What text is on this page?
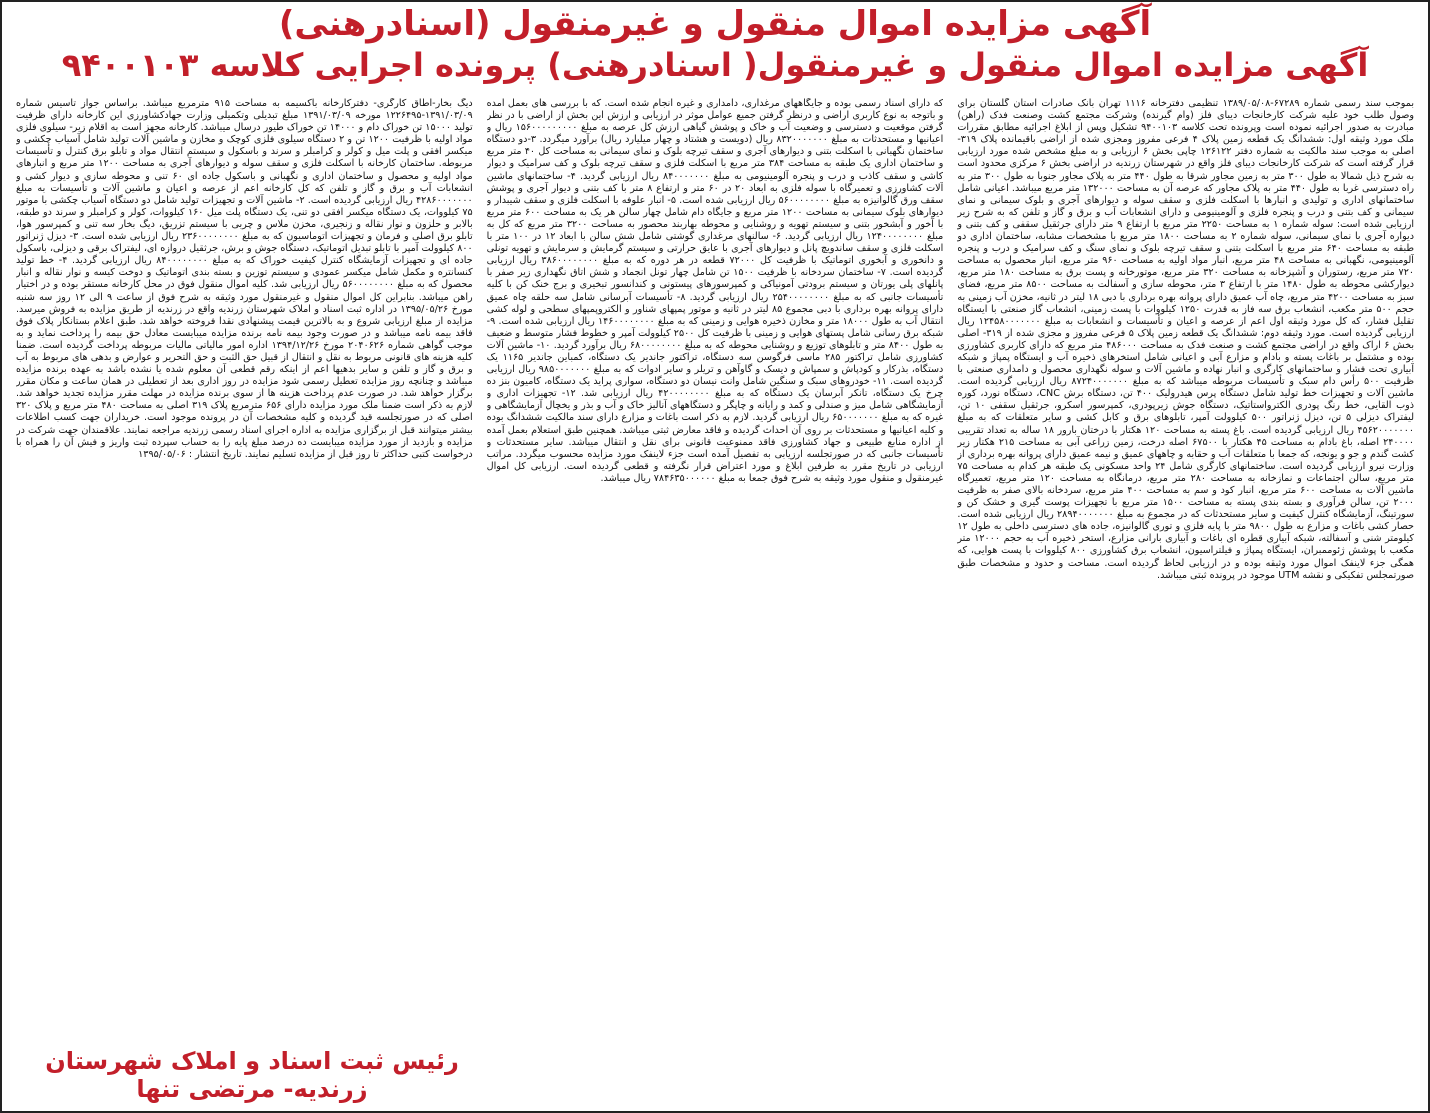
آگهی مزایده اموال منقول و غیرمنقول (اسنادرهنی)
آگهی مزایده اموال منقول و غیرمنقول( اسنادرهنی) پرونده اجرایی کلاسه ۹۴۰۰۱۰۳

بموجب سند رسمی شماره ۶۷۲۸۹-۱۳۸۹/۰۵/۰۸ تنظیمی دفترخانه ۱۱۱۶ تهران بانک صادرات استان گلستان برای وصول طلب خود علیه شرکت کارخانجات دیبای فلز (وام گیرنده) وشرکت مجتمع کشت وصنعت فدک (راهن) مبادرت به صدور اجرائیه نموده است وپرونده تحت کلاسه ۹۴۰۰۱۰۳ تشکیل وپس از ابلاغ اجرائیه مطابق مقررات ملک مورد وثیقه اول: ششدانگ یک قطعه زمین پلاک ۴ فرعی مفروز ومجزی شده از اراضی باقیمانده پلاک ۳۱۹-اصلی به موجب سند مالکیت به شماره دفتر ۱۲۶۱۲۲ چاپی بخش ۶ ارزیابی و به مبلغ مشخص شده مورد ارزیابی قرار گرفته است که شرکت کارخانجات دیبای فلز واقع در شهرستان زرندیه در اراضی بخش ۶ مرکزی محدود است به شرح ذیل شمالا به طول ۳۰۰ متر به زمین مجاور شرقا به طول ۴۴۰ متر به پلاک مجاور جنوبا به طول ۳۰۰ متر به راه دسترسی غربا به طول ۴۴۰ متر به پلاک مجاور که عرصه آن به مساحت ۱۳۲۰۰۰ متر مربع میباشد. اعیانی شامل ساختمانهای اداری و تولیدی و انبارها با اسکلت فلزی و سقف سوله و دیوارهای آجری و بلوک سیمانی و نمای سیمانی و کف بتنی و درب و پنجره فلزی و آلومینیومی و دارای انشعابات آب و برق و گاز و تلفن که به شرح زیر ارزیابی شده است: سوله شماره ۱ به مساحت ۲۲۵۰ متر مربع با ارتفاع ۹ متر دارای جرثقیل سقفی و کف بتنی و دیواره آجری با نمای سیمانی، سوله شماره ۲ به مساحت ۱۸۰۰ متر مربع با مشخصات مشابه، ساختمان اداری دو طبقه به مساحت ۶۴۰ متر مربع با اسکلت بتنی و سقف تیرچه بلوک و نمای سنگ و کف سرامیک و درب و پنجره آلومینیومی، نگهبانی به مساحت ۴۸ متر مربع، انبار مواد اولیه به مساحت ۹۶۰ متر مربع، انبار محصول به مساحت ۷۲۰ متر مربع، رستوران و آشپزخانه به مساحت ۳۲۰ متر مربع، موتورخانه و پست برق به مساحت ۱۸۰ متر مربع، دیوارکشی محوطه به طول ۱۴۸۰ متر با ارتفاع ۳ متر، محوطه سازی و آسفالت به مساحت ۸۵۰۰ متر مربع، فضای سبز به مساحت ۴۲۰۰ متر مربع، چاه آب عمیق دارای پروانه بهره برداری با دبی ۱۸ لیتر در ثانیه، مخزن آب زمینی به حجم ۵۰۰ متر مکعب، انشعاب برق سه فاز به قدرت ۱۲۵۰ کیلووات با پست زمینی، انشعاب گاز صنعتی با ایستگاه تقلیل فشار، که کل مورد وثیقه اول اعم از عرصه و اعیان و تأسیسات و انشعابات به مبلغ ۱۲۴۵۸۰۰۰۰۰۰۰ ریال ارزیابی گردیده است. مورد وثیقه دوم: ششدانگ یک قطعه زمین پلاک ۵ فرعی مفروز و مجزی شده از ۳۱۹- اصلی بخش ۶ اراک واقع در اراضی مجتمع کشت و صنعت فدک به مساحت ۴۸۶۰۰۰ متر مربع که دارای کاربری کشاورزی بوده و مشتمل بر باغات پسته و بادام و مزارع آبی و اعیانی شامل استخرهای ذخیره آب و ایستگاه پمپاژ و شبکه آبیاری تحت فشار و ساختمانهای کارگری و انبار نهاده و ماشین آلات و سوله نگهداری محصول و دامداری صنعتی با ظرفیت ۵۰۰ رأس دام سبک و تأسیسات مربوطه میباشد که به مبلغ ۸۷۲۴۰۰۰۰۰۰۰ ریال ارزیابی گردیده است. ماشین آلات و تجهیزات خط تولید شامل دستگاه پرس هیدرولیک ۴۰۰ تن، دستگاه برش CNC، دستگاه نورد، کوره ذوب القایی، خط رنگ پودری الکترواستاتیک، دستگاه جوش زیرپودری، کمپرسور اسکرو، جرثقیل سقفی ۱۰ تن، لیفتراک دیزلی ۵ تن، دیزل ژنراتور ۵۰۰ کیلوولت آمپر، تابلوهای برق و کابل کشی و سایر متعلقات که به مبلغ ۴۵۶۲۰۰۰۰۰۰۰ ریال ارزیابی گردیده است. باغ پسته به مساحت ۱۲۰ هکتار با درختان بارور ۱۸ ساله به تعداد تقریبی ۲۴۰۰۰۰ اصله، باغ بادام به مساحت ۴۵ هکتار با ۶۷۵۰۰ اصله درخت، زمین زراعی آبی به مساحت ۲۱۵ هکتار زیر کشت گندم و جو و یونجه، که جمعا با متعلقات آب و حقابه و چاههای عمیق و نیمه عمیق دارای پروانه بهره برداری از وزارت نیرو ارزیابی گردیده است. ساختمانهای کارگری شامل ۲۴ واحد مسکونی یک طبقه هر کدام به مساحت ۷۵ متر مربع، سالن اجتماعات و نمازخانه به مساحت ۲۸۰ متر مربع، درمانگاه به مساحت ۱۲۰ متر مربع، تعمیرگاه ماشین آلات به مساحت ۶۰۰ متر مربع، انبار کود و سم به مساحت ۴۰۰ متر مربع، سردخانه بالای صفر به ظرفیت ۲۰۰۰ تن، سالن فرآوری و بسته بندی پسته به مساحت ۱۵۰۰ متر مربع با تجهیزات پوست گیری و خشک کن و سورتینگ، آزمایشگاه کنترل کیفیت و سایر مستحدثات که در مجموع به مبلغ ۲۸۹۴۰۰۰۰۰۰۰ ریال ارزیابی شده است. حصار کشی باغات و مزارع به طول ۹۸۰۰ متر با پایه فلزی و توری گالوانیزه، جاده های دسترسی داخلی به طول ۱۲ کیلومتر شنی و آسفالته، شبکه آبیاری قطره ای باغات و آبیاری بارانی مزارع، استخر ذخیره آب به حجم ۱۲۰۰۰ متر مکعب با پوشش ژئوممبران، ایستگاه پمپاژ و فیلتراسیون، انشعاب برق کشاورزی ۸۰۰ کیلووات با پست هوایی، که همگی جزء لاینفک اموال مورد وثیقه بوده و در ارزیابی لحاظ گردیده است. مساحت و حدود و مشخصات طبق صورتمجلس تفکیکی و نقشه UTM موجود در پرونده ثبتی میباشد.

که دارای اسناد رسمی بوده و جایگاههای مرغداری، دامداری و غیره انجام شده است. که با بررسی های بعمل آمده و باتوجه به نوع کاربری اراضی و درنظر گرفتن جمیع عوامل موثر در ارزیابی و ارزش این بخش از اراضی با در نظر گرفتن موقعیت و دسترسی و وضعیت آب و خاک و پوشش گیاهی ارزش کل عرصه به مبلغ ۱۵۶۰۰۰۰۰۰۰۰۰ ریال و اعیانیها و مستحدثات به مبلغ ۸۳۲۰۰۰۰۰۰۰ ریال (دویست و هشتاد و چهار میلیارد ریال) برآورد میگردد. ۳-دو دستگاه ساختمان نگهبانی با اسکلت بتنی و دیوارهای آجری و سقف تیرچه بلوک و نمای سیمانی به مساحت کل ۴۰ متر مربع و ساختمان اداری یک طبقه به مساحت ۳۸۴ متر مربع با اسکلت فلزی و سقف تیرچه بلوک و کف سرامیک و دیوار کاشی و سقف کاذب و درب و پنجره آلومینیومی به مبلغ ۸۴۰۰۰۰۰۰۰ ریال ارزیابی گردید. ۴- ساختمانهای ماشین آلات کشاورزی و تعمیرگاه با سوله فلزی به ابعاد ۲۰ در ۶۰ متر و ارتفاع ۸ متر با کف بتنی و دیوار آجری و پوشش سقف ورق گالوانیزه به مبلغ ۵۶۰۰۰۰۰۰۰۰ ریال ارزیابی شده است. ۵- انبار علوفه با اسکلت فلزی و سقف شیبدار و دیوارهای بلوک سیمانی به مساحت ۱۲۰۰ متر مربع و جایگاه دام شامل چهار سالن هر یک به مساحت ۶۰۰ متر مربع با آخور و آبشخور بتنی و سیستم تهویه و روشنایی و محوطه بهاربند محصور به مساحت ۳۲۰۰ متر مربع که کل به مبلغ ۱۲۴۰۰۰۰۰۰۰۰ ریال ارزیابی گردید. ۶- سالنهای مرغداری گوشتی شامل شش سالن با ابعاد ۱۲ در ۱۰۰ متر با اسکلت فلزی و سقف ساندویچ پانل و دیوارهای آجری با عایق حرارتی و سیستم گرمایش و سرمایش و تهویه تونلی و دانخوری و آبخوری اتوماتیک با ظرفیت کل ۷۲۰۰۰ قطعه در هر دوره که به مبلغ ۳۸۶۰۰۰۰۰۰۰۰ ریال ارزیابی گردیده است. ۷- ساختمان سردخانه با ظرفیت ۱۵۰۰ تن شامل چهار تونل انجماد و شش اتاق نگهداری زیر صفر با پانلهای پلی یورتان و سیستم برودتی آمونیاکی و کمپرسورهای پیستونی و کندانسور تبخیری و برج خنک کن با کلیه تأسیسات جانبی که به مبلغ ۲۵۴۰۰۰۰۰۰۰۰ ریال ارزیابی گردید. ۸- تأسیسات آبرسانی شامل سه حلقه چاه عمیق دارای پروانه بهره برداری با دبی مجموع ۸۵ لیتر در ثانیه و موتور پمپهای شناور و الکتروپمپهای سطحی و لوله کشی انتقال آب به طول ۱۸۰۰۰ متر و مخازن ذخیره هوایی و زمینی که به مبلغ ۱۴۶۰۰۰۰۰۰۰۰ ریال ارزیابی شده است. ۹- شبکه برق رسانی شامل پستهای هوایی و زمینی با ظرفیت کل ۲۵۰۰ کیلوولت آمپر و خطوط فشار متوسط و ضعیف به طول ۸۴۰۰ متر و تابلوهای توزیع و روشنایی محوطه که به مبلغ ۶۸۰۰۰۰۰۰۰۰ ریال برآورد گردید. ۱۰- ماشین آلات کشاورزی شامل تراکتور ۲۸۵ ماسی فرگوسن سه دستگاه، تراکتور جاندیر یک دستگاه، کمباین جاندیر ۱۱۶۵ یک دستگاه، بذرکار و کودپاش و سمپاش و دیسک و گاوآهن و تریلر و سایر ادوات که به مبلغ ۹۸۵۰۰۰۰۰۰۰ ریال ارزیابی گردیده است. ۱۱- خودروهای سبک و سنگین شامل وانت نیسان دو دستگاه، سواری پراید یک دستگاه، کامیون بنز ده چرخ یک دستگاه، تانکر آبرسان یک دستگاه که به مبلغ ۴۲۰۰۰۰۰۰۰۰ ریال ارزیابی شد. ۱۲- تجهیزات اداری و آزمایشگاهی شامل میز و صندلی و کمد و رایانه و چاپگر و دستگاههای آنالیز خاک و آب و بذر و یخچال آزمایشگاهی و غیره که به مبلغ ۶۵۰۰۰۰۰۰۰ ریال ارزیابی گردید. لازم به ذکر است باغات و مزارع دارای سند مالکیت ششدانگ بوده و کلیه اعیانیها و مستحدثات بر روی آن احداث گردیده و فاقد معارض ثبتی میباشد. همچنین طبق استعلام بعمل آمده از اداره منابع طبیعی و جهاد کشاورزی فاقد ممنوعیت قانونی برای نقل و انتقال میباشد. سایر مستحدثات و تأسیسات جانبی که در صورتجلسه ارزیابی به تفصیل آمده است جزء لاینفک مورد مزایده محسوب میگردد. مراتب ارزیابی در تاریخ مقرر به طرفین ابلاغ و مورد اعتراض قرار نگرفته و قطعی گردیده است. ارزیابی کل اموال غیرمنقول و منقول مورد وثیقه به شرح فوق جمعا به مبلغ ۷۸۴۶۳۵۰۰۰۰۰۰ ریال میباشد.

دیگ بخار-اطاق کارگری- دفترکارخانه باکسیمه به مساحت ۹۱۵ مترمربع میباشد. براساس جواز تاسیس شماره ۱۳۹۱/۰۳/۰۹-۱۲۲۶۴۹۵ مورخه ۱۳۹۱/۰۳/۰۹ مبلغ تبدیلی وتکمیلی وزارت جهادکشاورزی این کارخانه دارای ظرفیت تولید ۱۵۰۰۰ تن خوراک دام و ۱۴۰۰۰ تن خوراک طیور درسال میباشد. کارخانه مجهز است به اقلام زیر- سیلوی فلزی مواد اولیه با ظرفیت ۱۲۰۰ تن و ۲ دستگاه سیلوی فلزی کوچک و مخازن و ماشین آلات تولید شامل آسیاب چکشی و میکسر افقی و پلت میل و کولر و کرامبلر و سرند و باسکول و سیستم انتقال مواد و تابلو برق کنترل و تأسیسات مربوطه. ساختمان کارخانه با اسکلت فلزی و سقف سوله و دیوارهای آجری به مساحت ۱۲۰۰ متر مربع و انبارهای مواد اولیه و محصول و ساختمان اداری و نگهبانی و باسکول جاده ای ۶۰ تنی و محوطه سازی و دیوار کشی و انشعابات آب و برق و گاز و تلفن که کل کارخانه اعم از عرصه و اعیان و ماشین آلات و تأسیسات به مبلغ ۴۲۸۶۰۰۰۰۰۰۰ ریال ارزیابی گردیده است. ۲- ماشین آلات و تجهیزات تولید شامل دو دستگاه آسیاب چکشی با موتور ۷۵ کیلووات، یک دستگاه میکسر افقی دو تنی، یک دستگاه پلت میل ۱۶۰ کیلووات، کولر و کرامبلر و سرند دو طبقه، بالابر و حلزون و نوار نقاله و زنجیری، مخزن ملاس و چربی با سیستم تزریق، دیگ بخار سه تنی و کمپرسور هوا، تابلو برق اصلی و فرمان و تجهیزات اتوماسیون که به مبلغ ۲۳۶۰۰۰۰۰۰۰۰ ریال ارزیابی شده است. ۳- دیزل ژنراتور ۸۰۰ کیلوولت آمپر با تابلو تبدیل اتوماتیک، دستگاه جوش و برش، جرثقیل دروازه ای، لیفتراک برقی و دیزلی، باسکول جاده ای و تجهیزات آزمایشگاه کنترل کیفیت خوراک که به مبلغ ۸۴۰۰۰۰۰۰۰۰ ریال ارزیابی گردید. ۴- خط تولید کنسانتره و مکمل شامل میکسر عمودی و سیستم توزین و بسته بندی اتوماتیک و دوخت کیسه و نوار نقاله و انبار محصول که به مبلغ ۵۶۰۰۰۰۰۰۰۰ ریال ارزیابی شد. کلیه اموال منقول فوق در محل کارخانه مستقر بوده و در اختیار راهن میباشد. بنابراین کل اموال منقول و غیرمنقول مورد وثیقه به شرح فوق از ساعت ۹ الی ۱۲ روز سه شنبه مورخ ۱۳۹۵/۰۵/۲۶ در اداره ثبت اسناد و املاک شهرستان زرندیه واقع در زرندیه از طریق مزایده به فروش میرسد. مزایده از مبلغ ارزیابی شروع و به بالاترین قیمت پیشنهادی نقدا فروخته خواهد شد. طبق اعلام بستانکار پلاک فوق فاقد بیمه نامه میباشد و در صورت وجود بیمه نامه برنده مزایده میبایست معادل حق بیمه را پرداخت نماید و به موجب گواهی شماره ۲۰۴۰۶۲۶ مورخ ۱۳۹۴/۱۲/۲۶ اداره امور مالیاتی مالیات مربوطه پرداخت گردیده است. ضمنا کلیه هزینه های قانونی مربوط به نقل و انتقال از قبیل حق الثبت و حق التحریر و عوارض و بدهی های مربوط به آب و برق و گاز و تلفن و سایر بدهیها اعم از اینکه رقم قطعی آن معلوم شده یا نشده باشد به عهده برنده مزایده میباشد و چنانچه روز مزایده تعطیل رسمی شود مزایده در روز اداری بعد از تعطیلی در همان ساعت و مکان مقرر برگزار خواهد شد. در صورت عدم پرداخت هزینه ها از سوی برنده مزایده در مهلت مقرر مزایده تجدید خواهد شد. لازم به ذکر است ضمنا ملک مورد مزایده دارای ۶۵۶ مترمربع پلاک ۳۱۹ اصلی به مساحت ۴۸۰ متر مربع و پلاک ۳۲۰ اصلی که در صورتجلسه قید گردیده و کلیه مشخصات آن در پرونده موجود است. خریداران جهت کسب اطلاعات بیشتر میتوانند قبل از برگزاری مزایده به اداره اجرای اسناد رسمی زرندیه مراجعه نمایند. علاقمندان جهت شرکت در مزایده و بازدید از مورد مزایده میبایست ده درصد مبلغ پایه را به حساب سپرده ثبت واریز و فیش آن را همراه با درخواست کتبی حداکثر تا روز قبل از مزایده تسلیم نمایند. تاریخ انتشار : ۱۳۹۵/۰۵/۰۶

رئیس ثبت اسناد و املاک شهرستان زرندیه- مرتضی تنها
